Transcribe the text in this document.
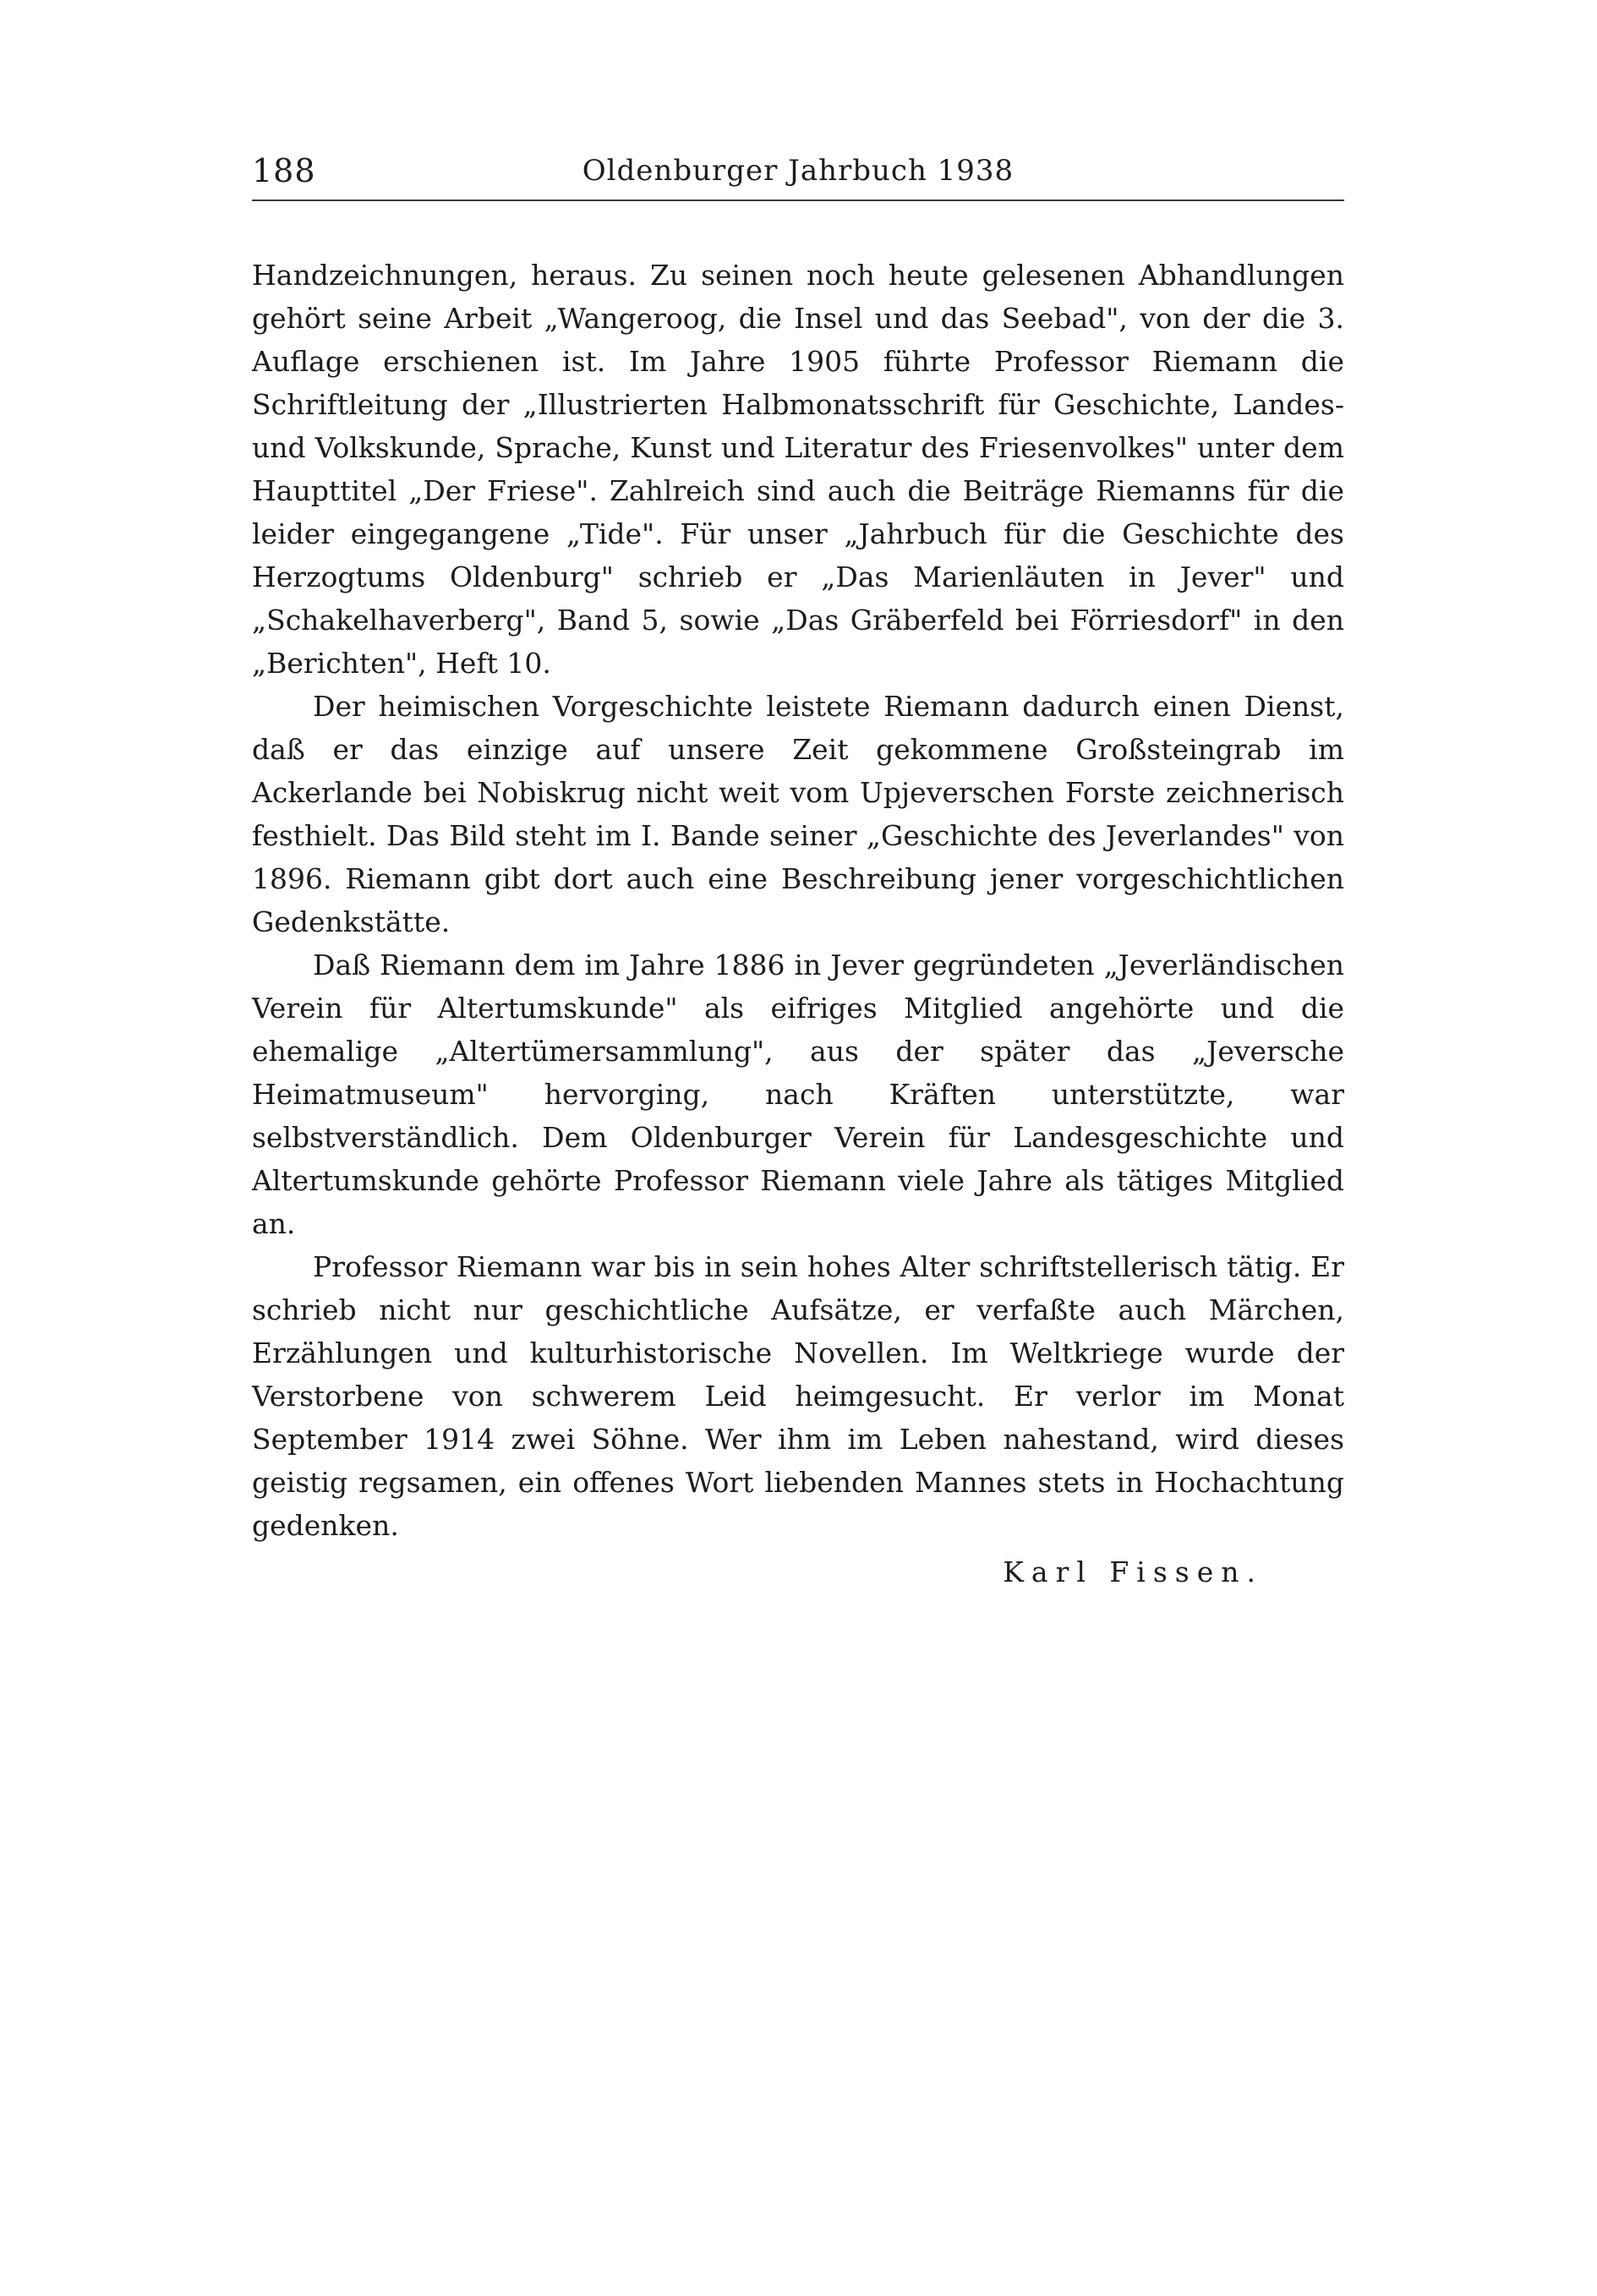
188	Oldenburger Jahrbuch 1938

Handzeichnungen, heraus. Zu seinen noch heute gelesenen Abhandlungen gehört seine Arbeit „Wangeroog, die Insel und das Seebad", von der die 3. Auflage erschienen ist. Im Jahre 1905 führte Professor Riemann die Schriftleitung der „Illustrierten Halbmonatsschrift für Geschichte, Landes- und Volkskunde, Sprache, Kunst und Literatur des Friesenvolkes" unter dem Haupttitel „Der Friese". Zahlreich sind auch die Beiträge Riemanns für die leider eingegangene „Tide". Für unser „Jahrbuch für die Geschichte des Herzogtums Oldenburg" schrieb er „Das Marienläuten in Jever" und „Schakelhaverberg", Band 5, sowie „Das Gräberfeld bei Förriesdorf" in den „Berichten", Heft 10.

Der heimischen Vorgeschichte leistete Riemann dadurch einen Dienst, daß er das einzige auf unsere Zeit gekommene Großsteingrab im Ackerlande bei Nobiskrug nicht weit vom Upjeverschen Forste zeichnerisch festhielt. Das Bild steht im I. Bande seiner „Geschichte des Jeverlandes" von 1896. Riemann gibt dort auch eine Beschreibung jener vorgeschichtlichen Gedenkstätte.

Daß Riemann dem im Jahre 1886 in Jever gegründeten „Jeverländischen Verein für Altertumskunde" als eifriges Mitglied angehörte und die ehemalige „Altertümersammlung", aus der später das „Jeversche Heimatmuseum" hervorging, nach Kräften unterstützte, war selbstverständlich. Dem Oldenburger Verein für Landesgeschichte und Altertumskunde gehörte Professor Riemann viele Jahre als tätiges Mitglied an.

Professor Riemann war bis in sein hohes Alter schriftstellerisch tätig. Er schrieb nicht nur geschichtliche Aufsätze, er verfaßte auch Märchen, Erzählungen und kulturhistorische Novellen. Im Weltkriege wurde der Verstorbene von schwerem Leid heimgesucht. Er verlor im Monat September 1914 zwei Söhne. Wer ihm im Leben nahestand, wird dieses geistig regsamen, ein offenes Wort liebenden Mannes stets in Hochachtung gedenken.

Karl Fissen.
